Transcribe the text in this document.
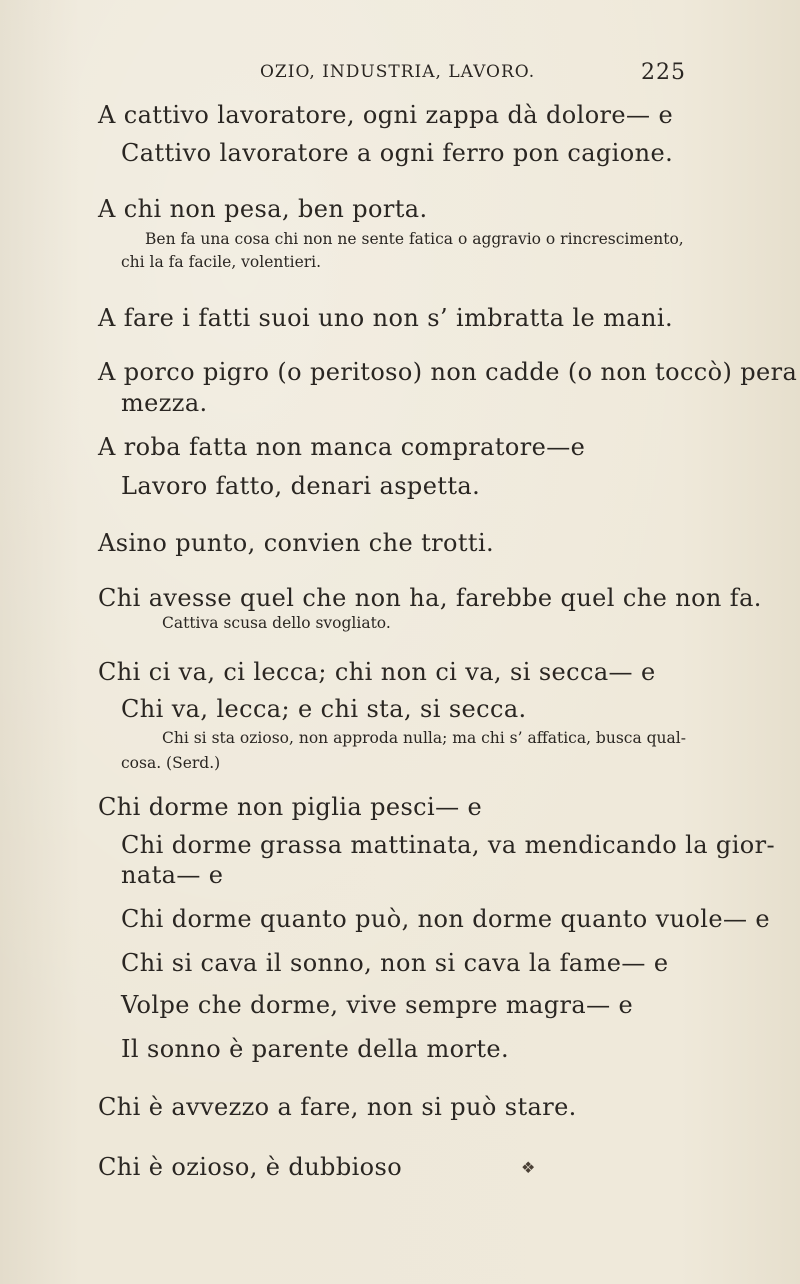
OZIO, INDUSTRIA, LAVORO.	225
A cattivo lavoratore, ogni zappa dà dolore— e
Cattivo lavoratore a ogni ferro pon cagione.
A chi non pesa, ben porta.
Ben fa una cosa chi non ne sente fatica o aggravio o rincrescimento,
chi la fa facile, volentieri.
A fare i fatti suoi uno non s’ imbratta le mani.
A porco pigro (o peritoso) non cadde (o non toccò) pera
mezza.
A roba fatta non manca compratore—e
Lavoro fatto, denari aspetta.
Asino punto, convien che trotti.
Chi avesse quel che non ha, farebbe quel che non fa.
Cattiva scusa dello svogliato.
Chi ci va, ci lecca; chi non ci va, si secca— e
Chi va, lecca; e chi sta, si secca.
Chi si sta ozioso, non approda nulla; ma chi s’ affatica, busca qual-
cosa. (Serd.)
Chi dorme non piglia pesci— e
Chi dorme grassa mattinata, va mendicando la gior-
nata— e
Chi dorme quanto può, non dorme quanto vuole— e
Chi si cava il sonno, non si cava la fame— e
Volpe che dorme, vive sempre magra— e
Il sonno è parente della morte.
Chi è avvezzo a fare, non si può stare.
Chi è ozioso, è dubbioso	❖
